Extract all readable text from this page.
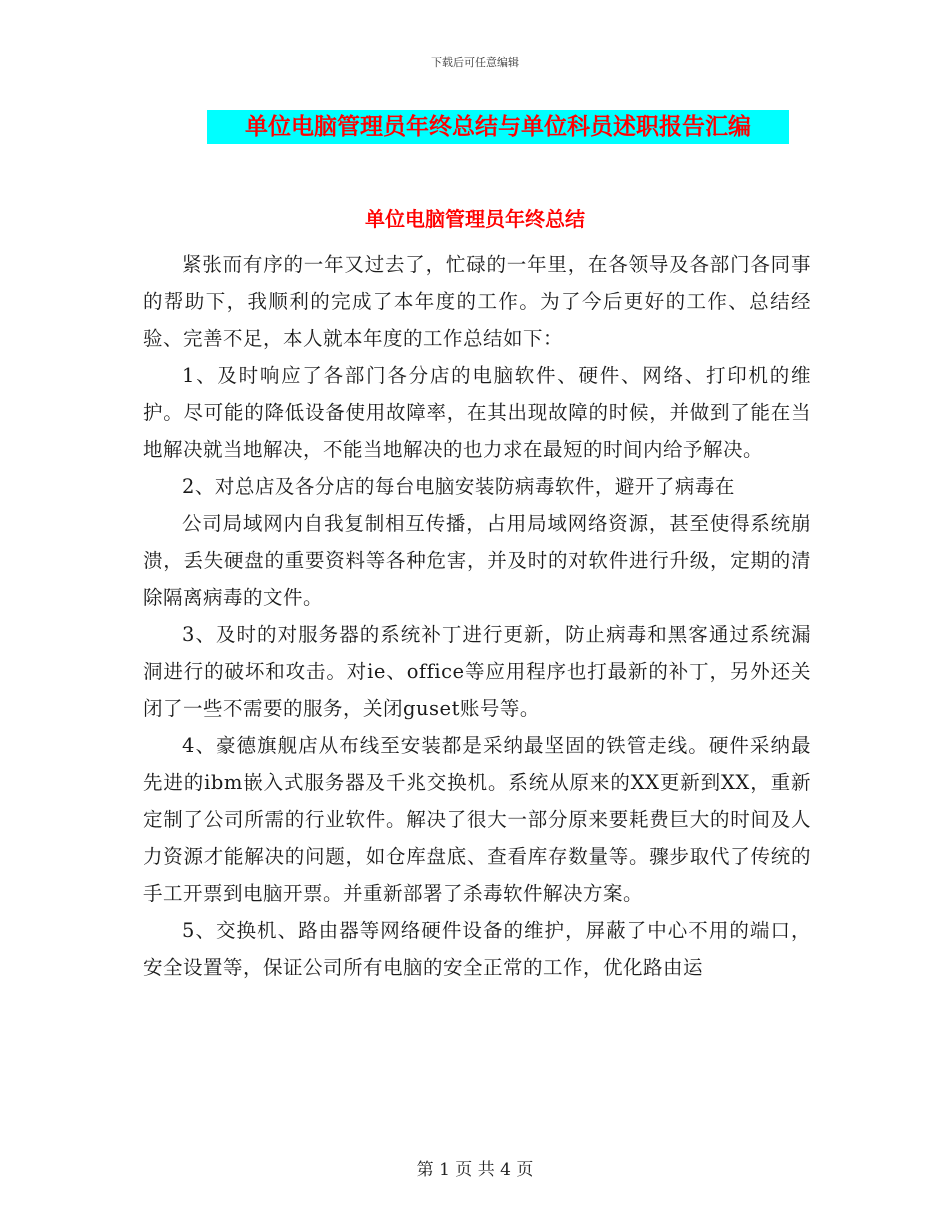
下载后可任意编辑
单位电脑管理员年终总结与单位科员述职报告汇编
单位电脑管理员年终总结

紧张而有序的一年又过去了，忙碌的一年里，在各领导及各部门各同事的帮助下，我顺利的完成了本年度的工作。为了今后更好的工作、总结经验、完善不足，本人就本年度的工作总结如下：

1、及时响应了各部门各分店的电脑软件、硬件、网络、打印机的维护。尽可能的降低设备使用故障率，在其出现故障的时候，并做到了能在当地解决就当地解决，不能当地解决的也力求在最短的时间内给予解决。

2、对总店及各分店的每台电脑安装防病毒软件，避开了病毒在

公司局域网内自我复制相互传播，占用局域网络资源，甚至使得系统崩溃，丢失硬盘的重要资料等各种危害，并及时的对软件进行升级，定期的清除隔离病毒的文件。

3、及时的对服务器的系统补丁进行更新，防止病毒和黑客通过系统漏洞进行的破坏和攻击。对ie、office等应用程序也打最新的补丁，另外还关闭了一些不需要的服务，关闭guset账号等。

4、豪德旗舰店从布线至安装都是采纳最坚固的铁管走线。硬件采纳最先进的ibm嵌入式服务器及千兆交换机。系统从原来的XX更新到XX，重新定制了公司所需的行业软件。解决了很大一部分原来要耗费巨大的时间及人力资源才能解决的问题，如仓库盘底、查看库存数量等。骤步取代了传统的手工开票到电脑开票。并重新部署了杀毒软件解决方案。

5、交换机、路由器等网络硬件设备的维护，屏蔽了中心不用的端口，安全设置等，保证公司所有电脑的安全正常的工作，优化路由运

第 1 页 共 4 页
